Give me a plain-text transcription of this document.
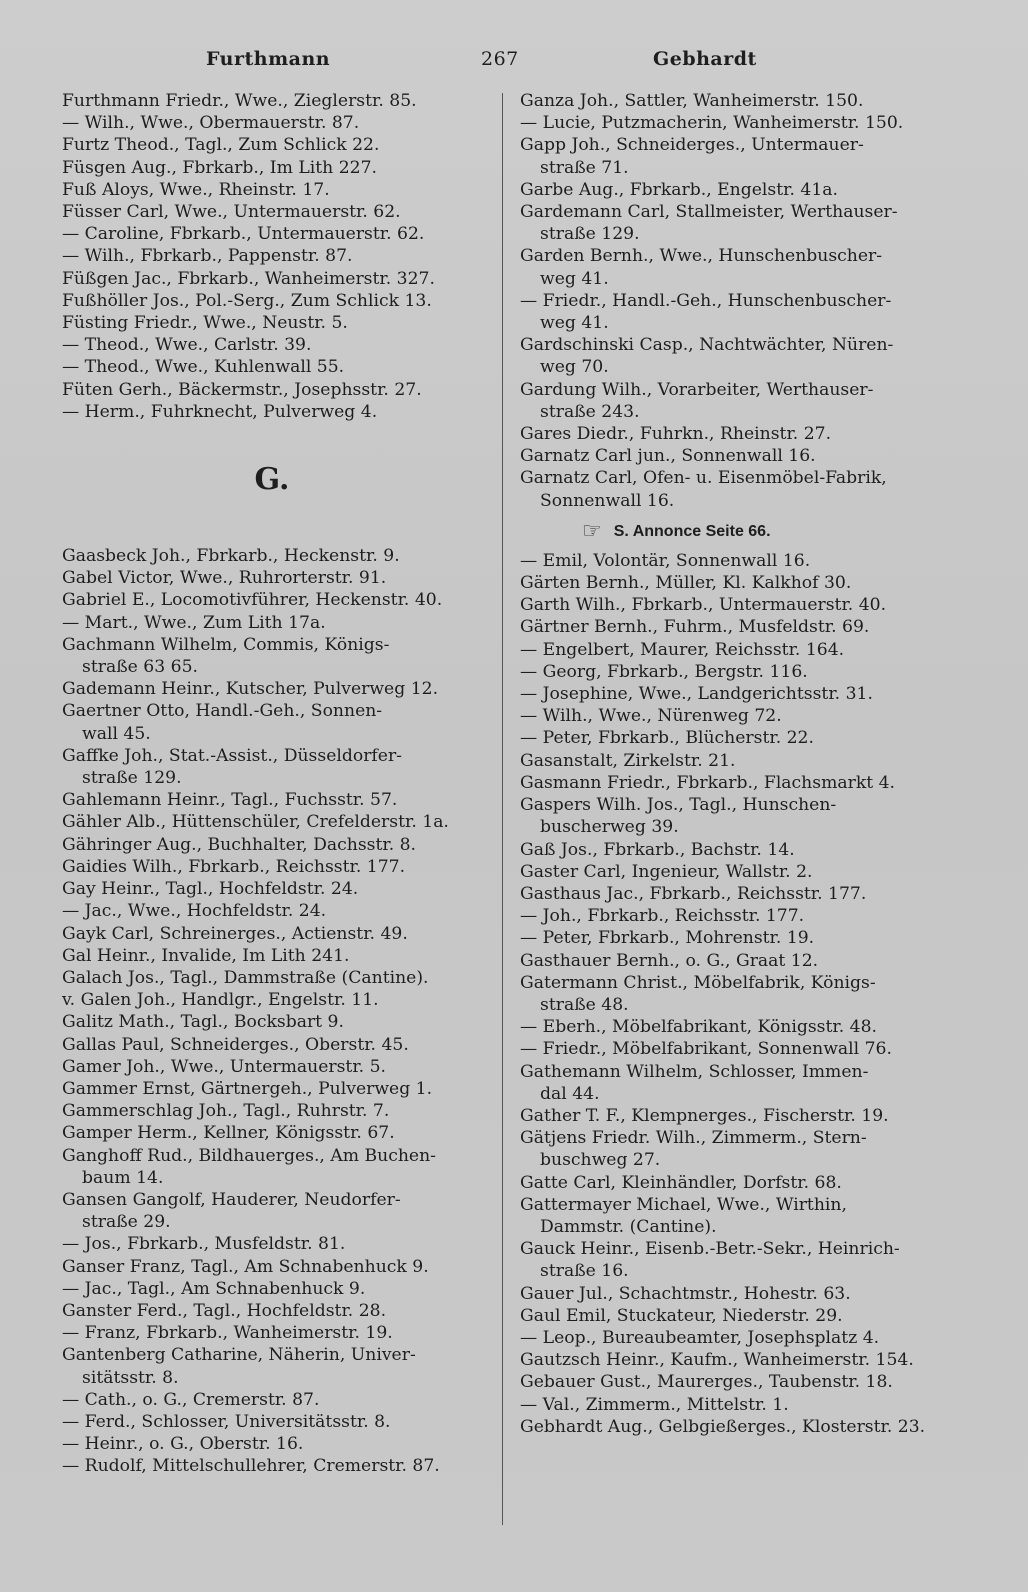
Furthmann	267	Gebhardt
Furthmann Friedr., Wwe., Zieglerstr. 85.
— Wilh., Wwe., Obermauerstr. 87.
Furtz Theod., Tagl., Zum Schlick 22.
Füsgen Aug., Fbrkarb., Im Lith 227.
Fuß Aloys, Wwe., Rheinstr. 17.
Füsser Carl, Wwe., Untermauerstr. 62.
— Caroline, Fbrkarb., Untermauerstr. 62.
— Wilh., Fbrkarb., Pappenstr. 87.
Füßgen Jac., Fbrkarb., Wanheimerstr. 327.
Fußhöller Jos., Pol.-Serg., Zum Schlick 13.
Füsting Friedr., Wwe., Neustr. 5.
— Theod., Wwe., Carlstr. 39.
— Theod., Wwe., Kuhlenwall 55.
Füten Gerh., Bäckermstr., Josephsstr. 27.
— Herm., Fuhrknecht, Pulverweg 4.
G.
Gaasbeck Joh., Fbrkarb., Heckenstr. 9.
Gabel Victor, Wwe., Ruhrorterstr. 91.
Gabriel E., Locomotivführer, Heckenstr. 40.
— Mart., Wwe., Zum Lith 17a.
Gachmann Wilhelm, Commis, Königs-
straße 63 65.
Gademann Heinr., Kutscher, Pulverweg 12.
Gaertner Otto, Handl.-Geh., Sonnen-
wall 45.
Gaffke Joh., Stat.-Assist., Düsseldorfer-
straße 129.
Gahlemann Heinr., Tagl., Fuchsstr. 57.
Gähler Alb., Hüttenschüler, Crefelderstr. 1a.
Gähringer Aug., Buchhalter, Dachsstr. 8.
Gaidies Wilh., Fbrkarb., Reichsstr. 177.
Gay Heinr., Tagl., Hochfeldstr. 24.
— Jac., Wwe., Hochfeldstr. 24.
Gayk Carl, Schreinerges., Actienstr. 49.
Gal Heinr., Invalide, Im Lith 241.
Galach Jos., Tagl., Dammstraße (Cantine).
v. Galen Joh., Handlgr., Engelstr. 11.
Galitz Math., Tagl., Bocksbart 9.
Gallas Paul, Schneiderges., Oberstr. 45.
Gamer Joh., Wwe., Untermauerstr. 5.
Gammer Ernst, Gärtnergeh., Pulverweg 1.
Gammerschlag Joh., Tagl., Ruhrstr. 7.
Gamper Herm., Kellner, Königsstr. 67.
Ganghoff Rud., Bildhauerges., Am Buchen-
baum 14.
Gansen Gangolf, Hauderer, Neudorfer-
straße 29.
— Jos., Fbrkarb., Musfeldstr. 81.
Ganser Franz, Tagl., Am Schnabenhuck 9.
— Jac., Tagl., Am Schnabenhuck 9.
Ganster Ferd., Tagl., Hochfeldstr. 28.
— Franz, Fbrkarb., Wanheimerstr. 19.
Gantenberg Catharine, Näherin, Univer-
sitätsstr. 8.
— Cath., o. G., Cremerstr. 87.
— Ferd., Schlosser, Universitätsstr. 8.
— Heinr., o. G., Oberstr. 16.
— Rudolf, Mittelschullehrer, Cremerstr. 87.
Ganza Joh., Sattler, Wanheimerstr. 150.
— Lucie, Putzmacherin, Wanheimerstr. 150.
Gapp Joh., Schneiderges., Untermauer-
straße 71.
Garbe Aug., Fbrkarb., Engelstr. 41a.
Gardemann Carl, Stallmeister, Werthauser-
straße 129.
Garden Bernh., Wwe., Hunschenbuscher-
weg 41.
— Friedr., Handl.-Geh., Hunschenbuscher-
weg 41.
Gardschinski Casp., Nachtwächter, Nüren-
weg 70.
Gardung Wilh., Vorarbeiter, Werthauser-
straße 243.
Gares Diedr., Fuhrkn., Rheinstr. 27.
Garnatz Carl jun., Sonnenwall 16.
Garnatz Carl, Ofen- u. Eisenmöbel-Fabrik,
Sonnenwall 16.
☞ S. Annonce Seite 66.
— Emil, Volontär, Sonnenwall 16.
Gärten Bernh., Müller, Kl. Kalkhof 30.
Garth Wilh., Fbrkarb., Untermauerstr. 40.
Gärtner Bernh., Fuhrm., Musfeldstr. 69.
— Engelbert, Maurer, Reichsstr. 164.
— Georg, Fbrkarb., Bergstr. 116.
— Josephine, Wwe., Landgerichtsstr. 31.
— Wilh., Wwe., Nürenweg 72.
— Peter, Fbrkarb., Blücherstr. 22.
Gasanstalt, Zirkelstr. 21.
Gasmann Friedr., Fbrkarb., Flachsmarkt 4.
Gaspers Wilh. Jos., Tagl., Hunschen-
buscherweg 39.
Gaß Jos., Fbrkarb., Bachstr. 14.
Gaster Carl, Ingenieur, Wallstr. 2.
Gasthaus Jac., Fbrkarb., Reichsstr. 177.
— Joh., Fbrkarb., Reichsstr. 177.
— Peter, Fbrkarb., Mohrenstr. 19.
Gasthauer Bernh., o. G., Graat 12.
Gatermann Christ., Möbelfabrik, Königs-
straße 48.
— Eberh., Möbelfabrikant, Königsstr. 48.
— Friedr., Möbelfabrikant, Sonnenwall 76.
Gathemann Wilhelm, Schlosser, Immen-
dal 44.
Gather T. F., Klempnerges., Fischerstr. 19.
Gätjens Friedr. Wilh., Zimmerm., Stern-
buschweg 27.
Gatte Carl, Kleinhändler, Dorfstr. 68.
Gattermayer Michael, Wwe., Wirthin,
Dammstr. (Cantine).
Gauck Heinr., Eisenb.-Betr.-Sekr., Heinrich-
straße 16.
Gauer Jul., Schachtmstr., Hohestr. 63.
Gaul Emil, Stuckateur, Niederstr. 29.
— Leop., Bureaubeamter, Josephsplatz 4.
Gautzsch Heinr., Kaufm., Wanheimerstr. 154.
Gebauer Gust., Maurerges., Taubenstr. 18.
— Val., Zimmerm., Mittelstr. 1.
Gebhardt Aug., Gelbgießerges., Klosterstr. 23.
